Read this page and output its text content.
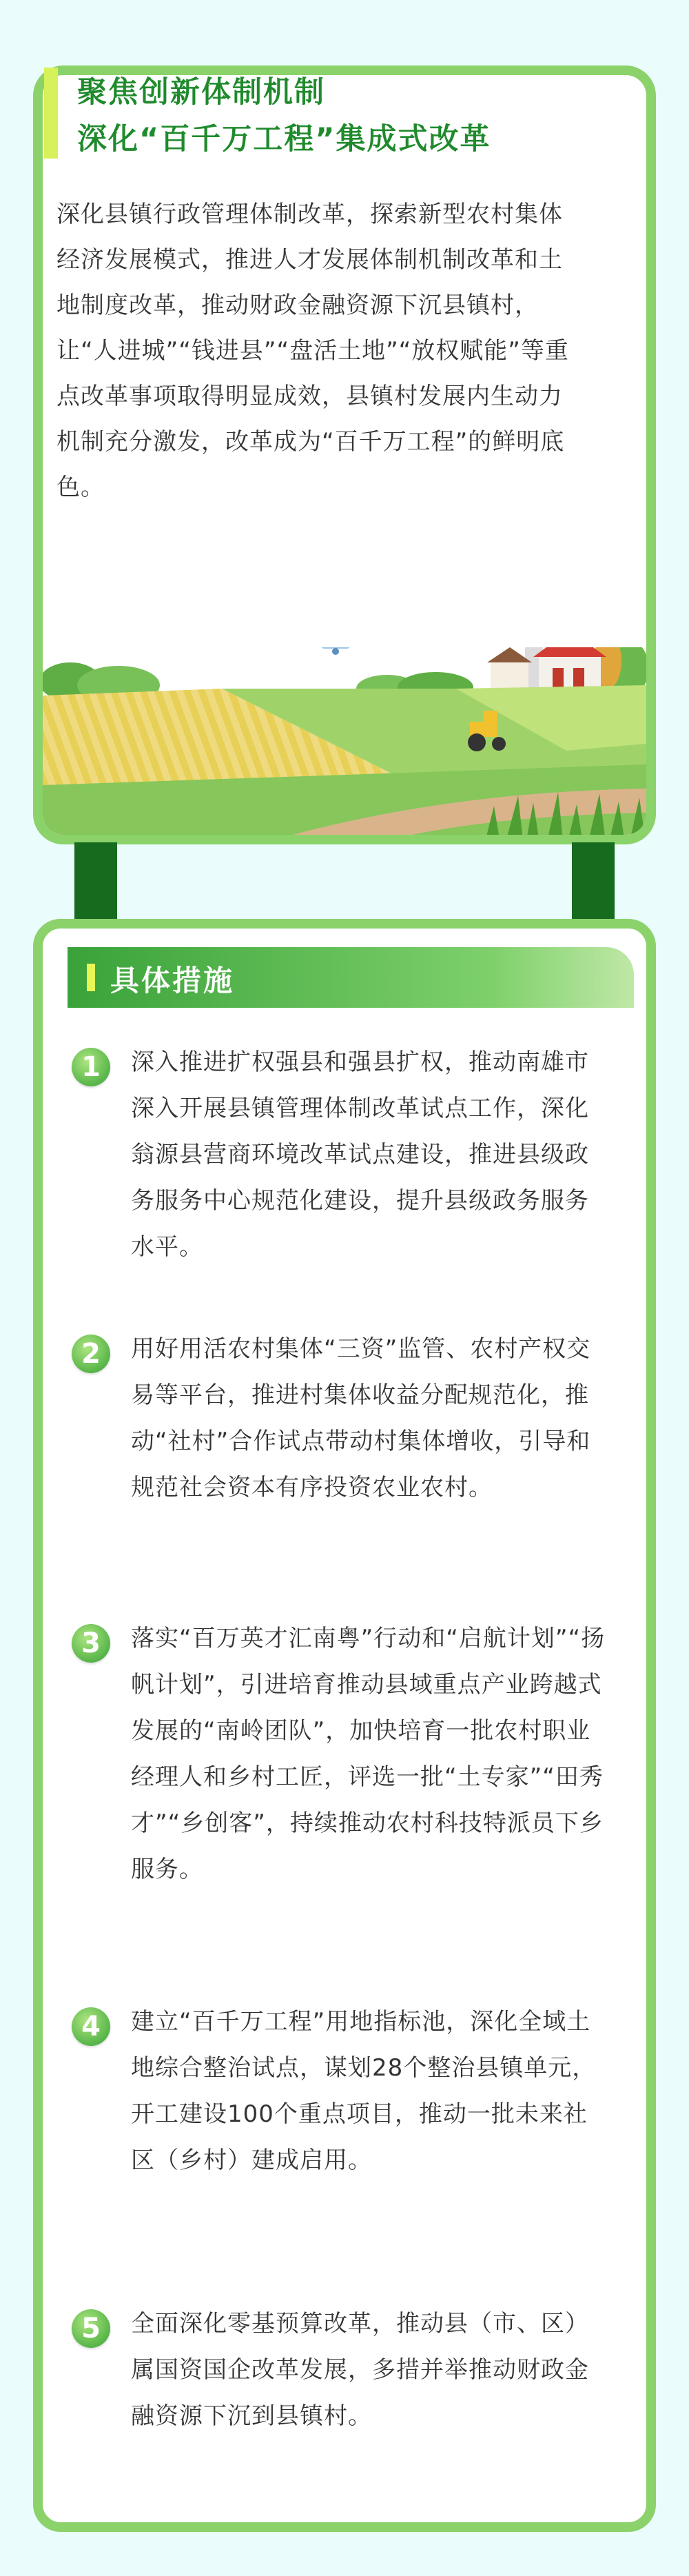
聚焦创新体制机制
深化“百千万工程”集成式改革
深化县镇行政管理体制改革，探索新型农村集体经济发展模式，推进人才发展体制机制改革和土地制度改革，推动财政金融资源下沉县镇村，让“人进城”“钱进县”“盘活土地”“放权赋能”等重点改革事项取得明显成效，县镇村发展内生动力机制充分激发，改革成为“百千万工程”的鲜明底色。
具体措施
1	深入推进扩权强县和强县扩权，推动南雄市深入开展县镇管理体制改革试点工作，深化翁源县营商环境改革试点建设，推进县级政务服务中心规范化建设，提升县级政务服务水平。
2	用好用活农村集体“三资”监管、农村产权交易等平台，推进村集体收益分配规范化，推动“社村”合作试点带动村集体增收，引导和规范社会资本有序投资农业农村。
3	落实“百万英才汇南粤”行动和“启航计划”“扬帆计划”，引进培育推动县域重点产业跨越式发展的“南岭团队”，加快培育一批农村职业经理人和乡村工匠，评选一批“土专家”“田秀才”“乡创客”，持续推动农村科技特派员下乡服务。
4	建立“百千万工程”用地指标池，深化全域土地综合整治试点，谋划28个整治县镇单元，开工建设100个重点项目，推动一批未来社区（乡村）建成启用。
5	全面深化零基预算改革，推动县（市、区）属国资国企改革发展，多措并举推动财政金融资源下沉到县镇村。
